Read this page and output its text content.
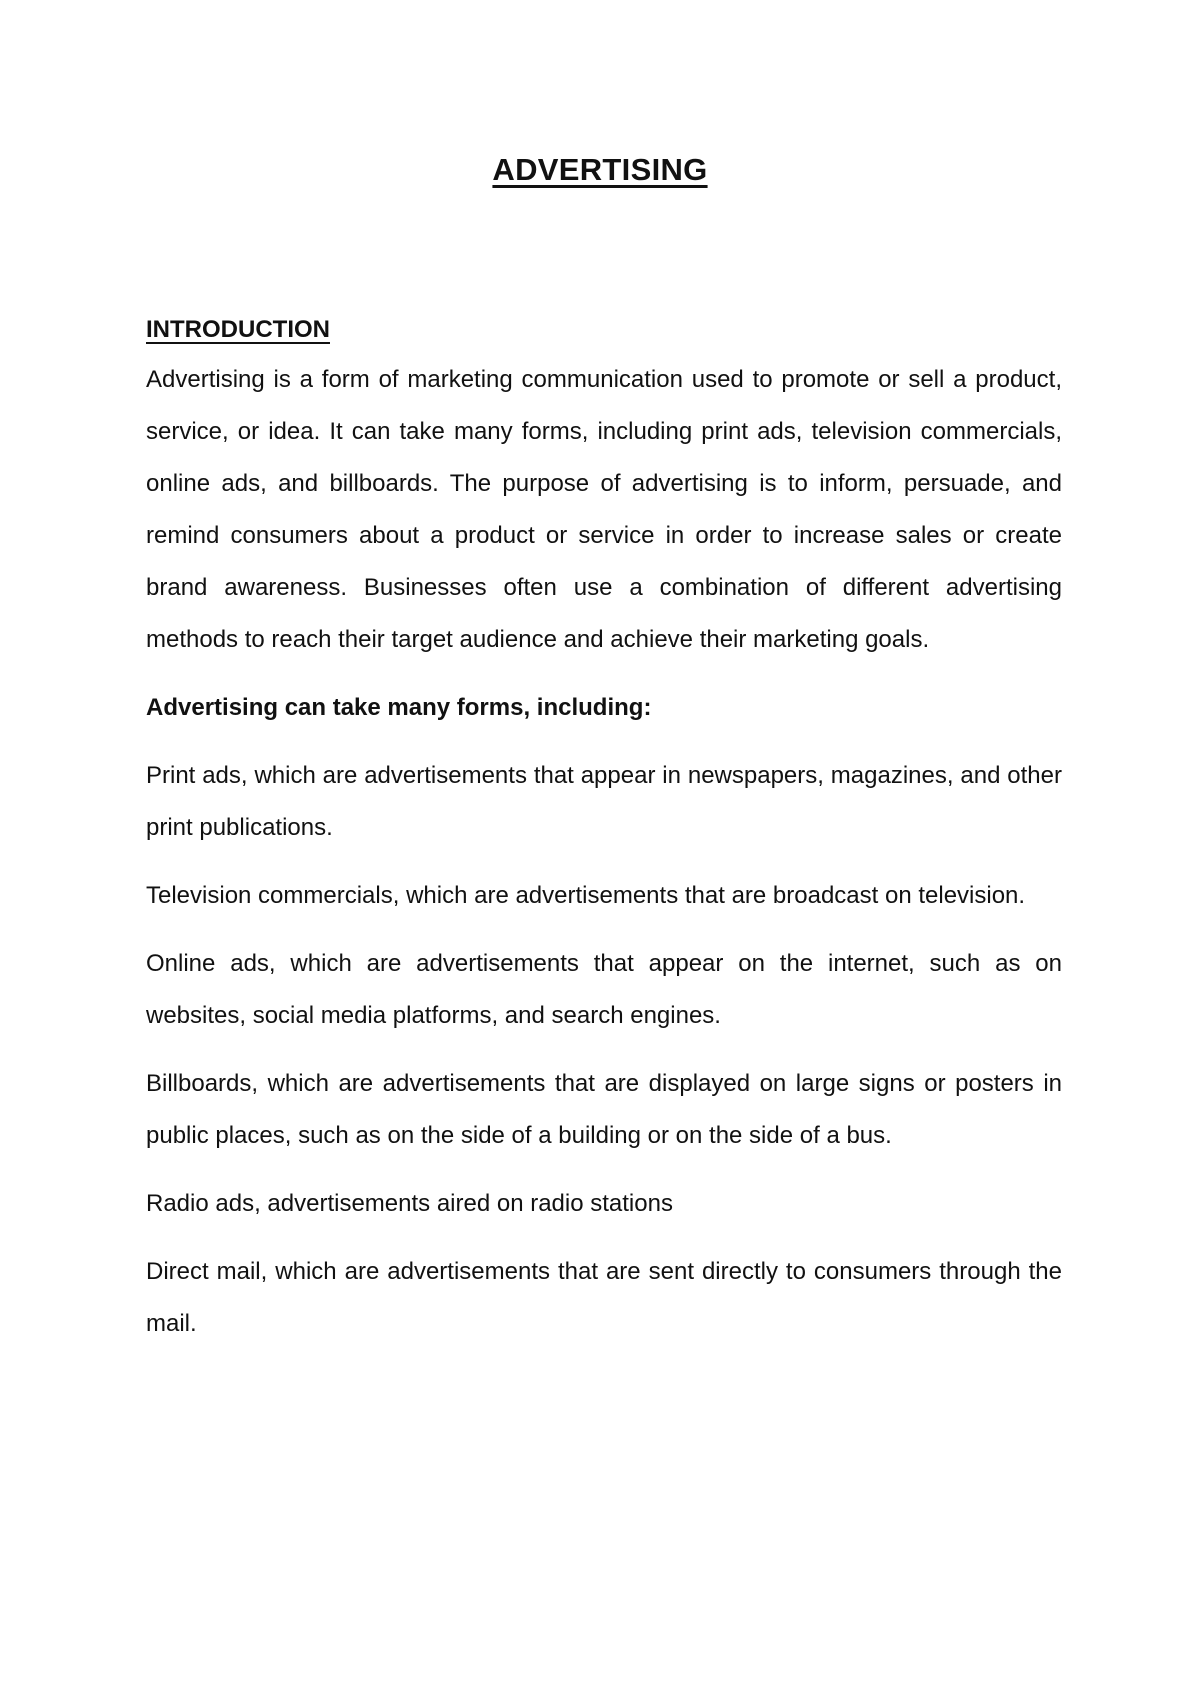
ADVERTISING
INTRODUCTION

Advertising is a form of marketing communication used to promote or sell a product, service, or idea. It can take many forms, including print ads, television commercials, online ads, and billboards. The purpose of advertising is to inform, persuade, and remind consumers about a product or service in order to increase sales or create brand awareness. Businesses often use a combination of different advertising methods to reach their target audience and achieve their marketing goals.

Advertising can take many forms, including:

Print ads, which are advertisements that appear in newspapers, magazines, and other print publications.

Television commercials, which are advertisements that are broadcast on television.

Online ads, which are advertisements that appear on the internet, such as on websites, social media platforms, and search engines.

Billboards, which are advertisements that are displayed on large signs or posters in public places, such as on the side of a building or on the side of a bus.

Radio ads, advertisements aired on radio stations

Direct mail, which are advertisements that are sent directly to consumers through the mail.
